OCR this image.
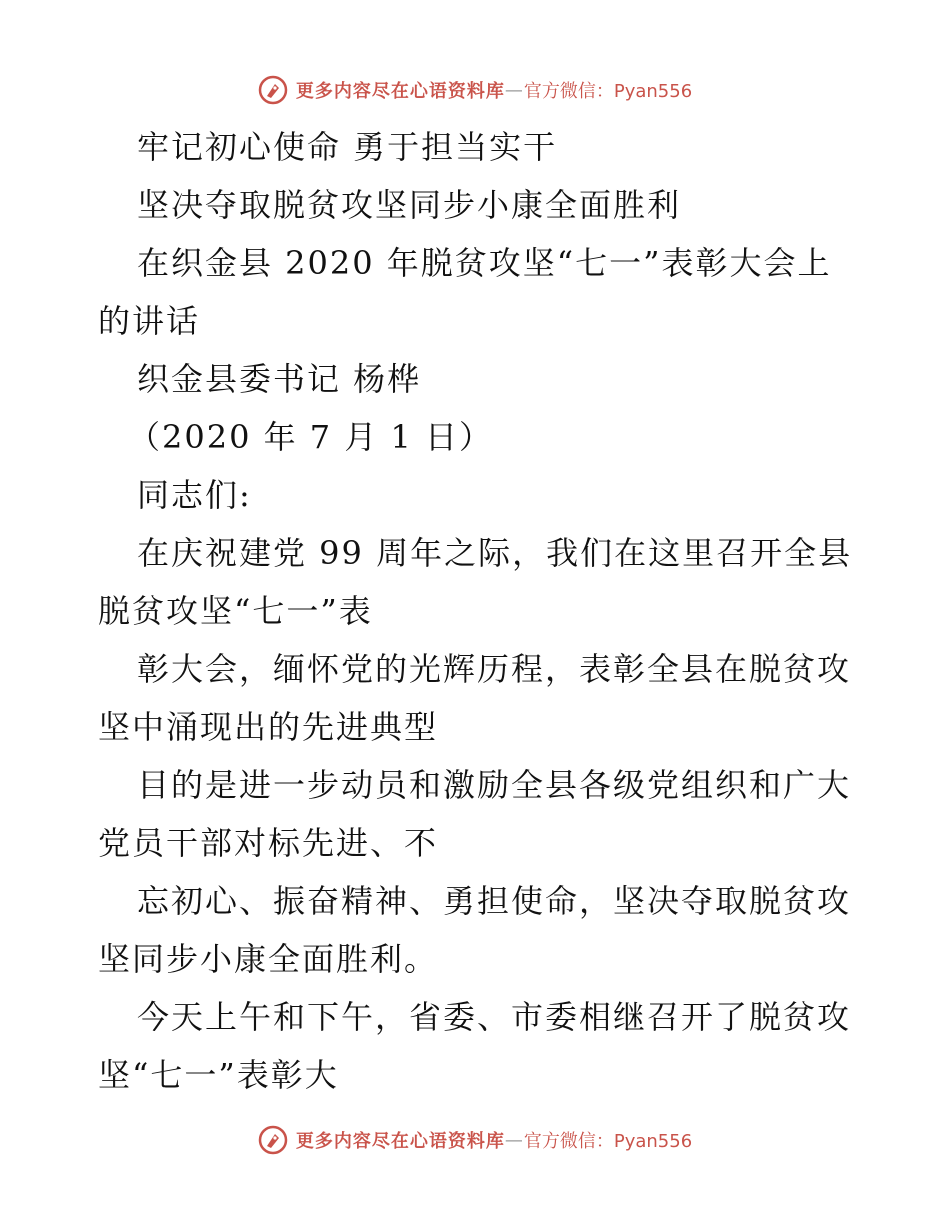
更多内容尽在心语资料库 — 官方微信：Pyan556
牢记初心使命 勇于担当实干
坚决夺取脱贫攻坚同步小康全面胜利
在织金县 2020 年脱贫攻坚“七一”表彰大会上
的讲话
织金县委书记 杨桦
（2020 年 7 月 1 日）
同志们:
在庆祝建党 99 周年之际，我们在这里召开全县
脱贫攻坚“七一”表
彰大会，缅怀党的光辉历程，表彰全县在脱贫攻
坚中涌现出的先进典型
目的是进一步动员和激励全县各级党组织和广大
党员干部对标先进、不
忘初心、振奋精神、勇担使命，坚决夺取脱贫攻
坚同步小康全面胜利。
今天上午和下午，省委、市委相继召开了脱贫攻
坚“七一”表彰大
更多内容尽在心语资料库 — 官方微信：Pyan556
